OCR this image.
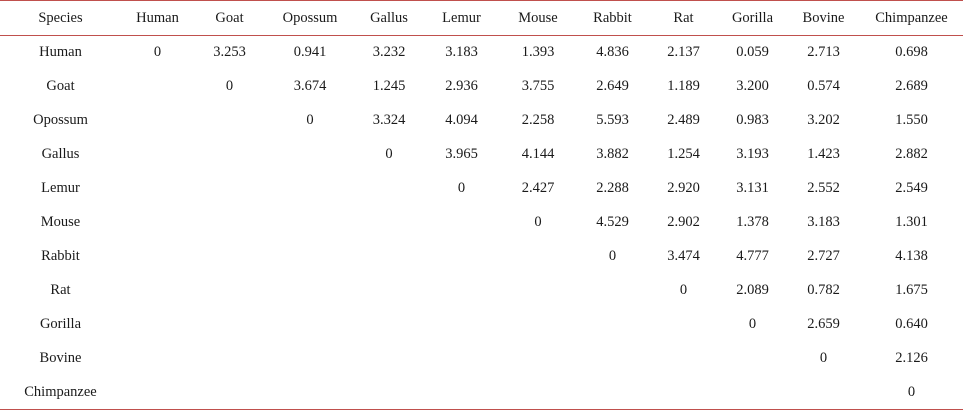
Species	Human	Goat	Opossum	Gallus	Lemur	Mouse	Rabbit	Rat	Gorilla	Bovine	Chimpanzee
Human	0	3.253	0.941	3.232	3.183	1.393	4.836	2.137	0.059	2.713	0.698
Goat		0	3.674	1.245	2.936	3.755	2.649	1.189	3.200	0.574	2.689
Opossum			0	3.324	4.094	2.258	5.593	2.489	0.983	3.202	1.550
Gallus				0	3.965	4.144	3.882	1.254	3.193	1.423	2.882
Lemur					0	2.427	2.288	2.920	3.131	2.552	2.549
Mouse						0	4.529	2.902	1.378	3.183	1.301
Rabbit							0	3.474	4.777	2.727	4.138
Rat								0	2.089	0.782	1.675
Gorilla									0	2.659	0.640
Bovine										0	2.126
Chimpanzee											0
